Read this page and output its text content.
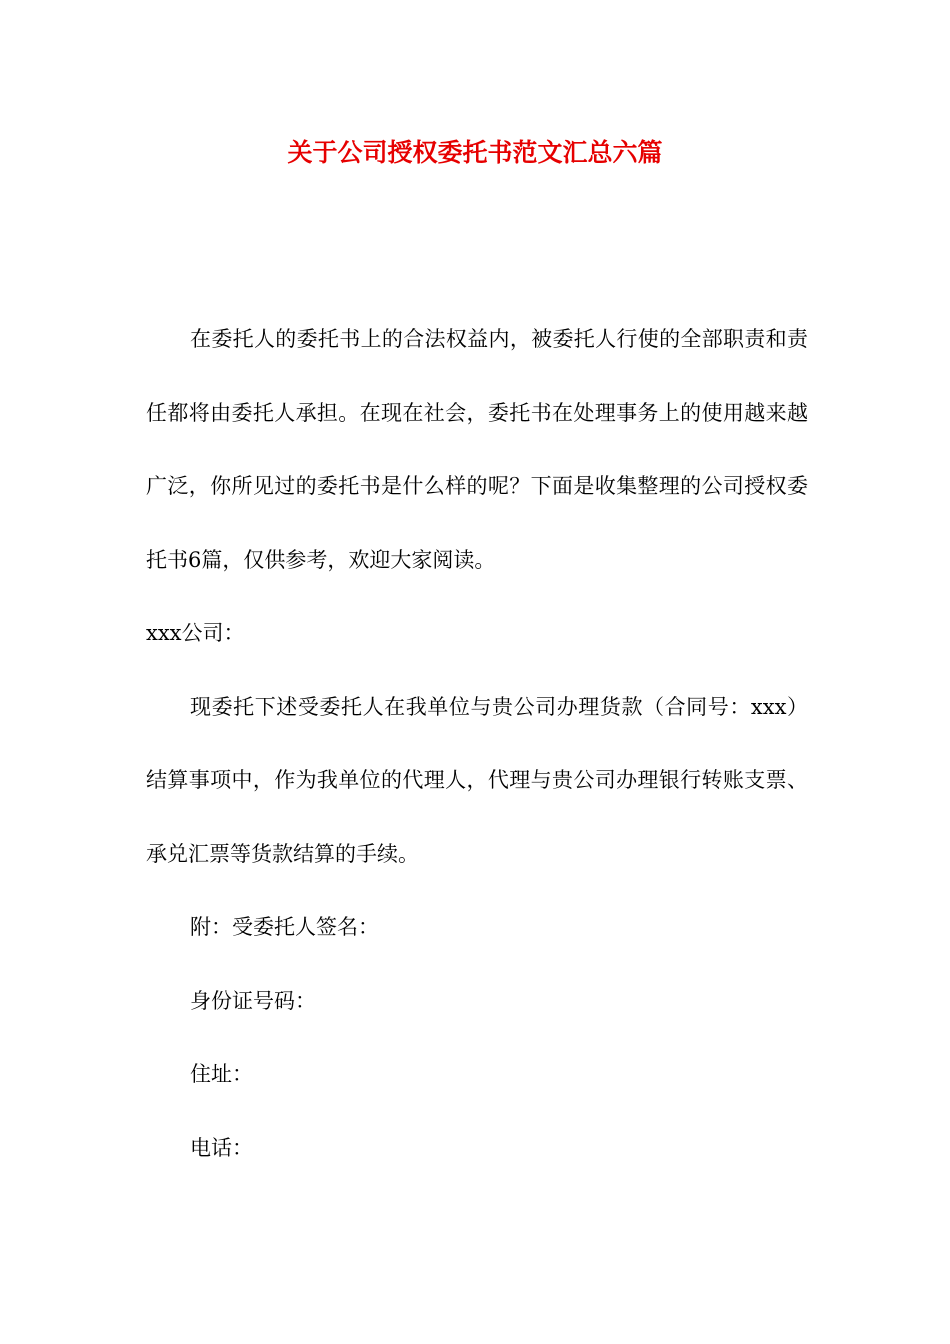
关于公司授权委托书范文汇总六篇

在委托人的委托书上的合法权益内，被委托人行使的全部职责和责任都将由委托人承担。在现在社会，委托书在处理事务上的使用越来越广泛，你所见过的委托书是什么样的呢？下面是收集整理的公司授权委托书6篇，仅供参考，欢迎大家阅读。

xxx公司：

现委托下述受委托人在我单位与贵公司办理货款（合同号：xxx）结算事项中，作为我单位的代理人，代理与贵公司办理银行转账支票、承兑汇票等货款结算的手续。

附：受委托人签名：

身份证号码：

住址：

电话：
